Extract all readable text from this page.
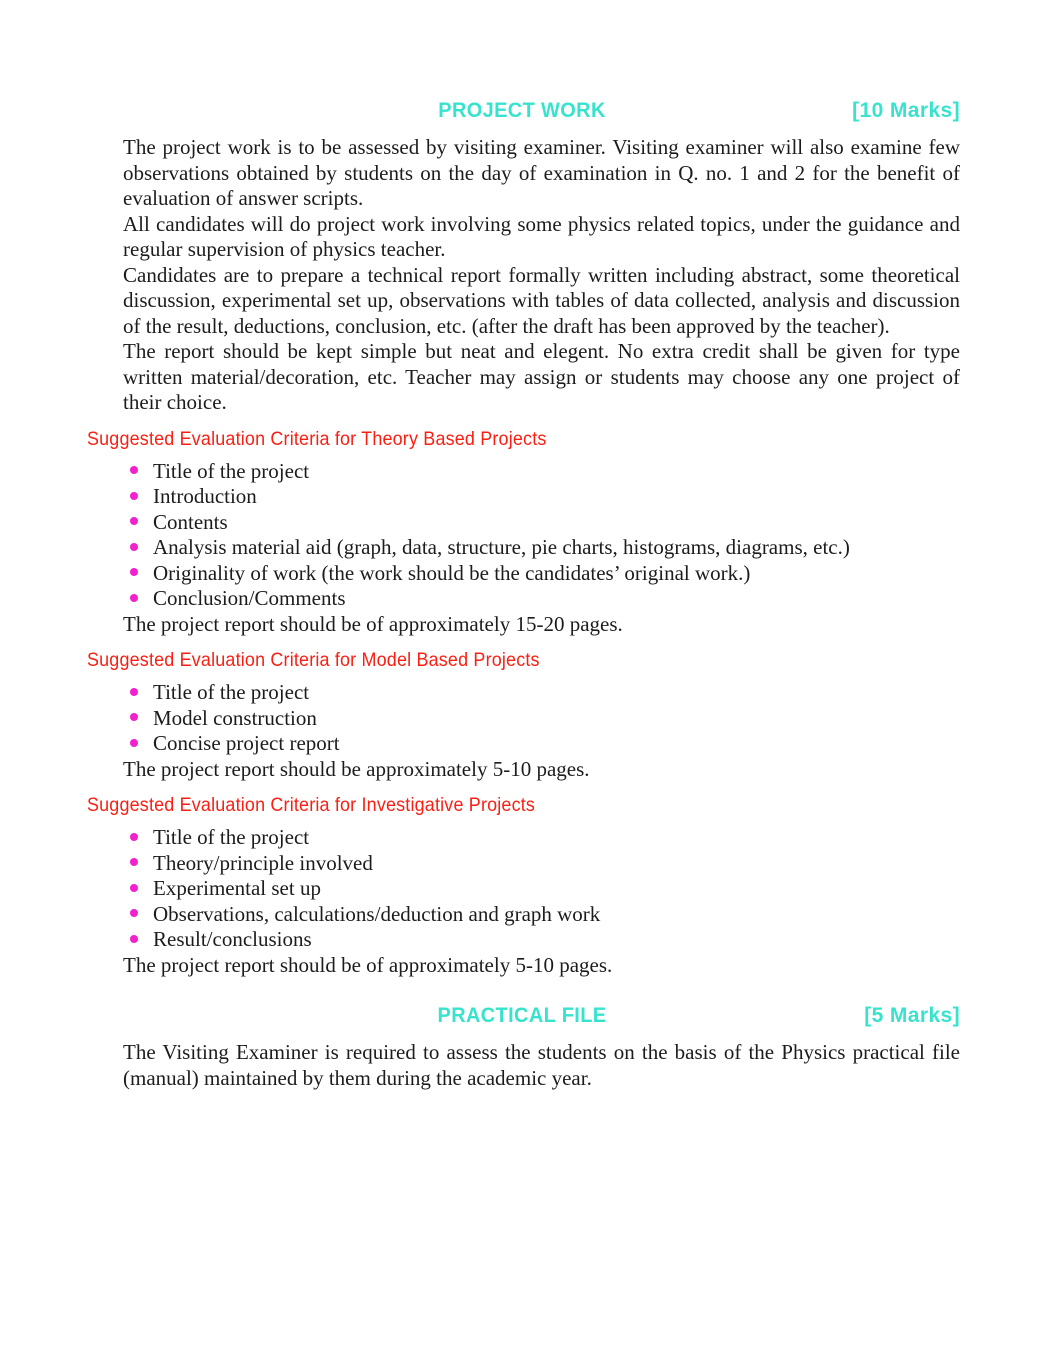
PROJECT WORK	[10 Marks]

The project work is to be assessed by visiting examiner. Visiting examiner will also examine few observations obtained by students on the day of examination in Q. no. 1 and 2 for the benefit of evaluation of answer scripts.

All candidates will do project work involving some physics related topics, under the guidance and regular supervision of physics teacher.

Candidates are to prepare a technical report formally written including abstract, some theoretical discussion, experimental set up, observations with tables of data collected, analysis and discussion of the result, deductions, conclusion, etc. (after the draft has been approved by the teacher).

The report should be kept simple but neat and elegent. No extra credit shall be given for type written material/decoration, etc. Teacher may assign or students may choose any one project of their choice.

Suggested Evaluation Criteria for Theory Based Projects
Title of the project
Introduction
Contents
Analysis material aid (graph, data, structure, pie charts, histograms, diagrams, etc.)
Originality of work (the work should be the candidates’ original work.)
Conclusion/Comments

The project report should be of approximately 15-20 pages.

Suggested Evaluation Criteria for Model Based Projects
Title of the project
Model construction
Concise project report

The project report should be approximately 5-10 pages.

Suggested Evaluation Criteria for Investigative Projects
Title of the project
Theory/principle involved
Experimental set up
Observations, calculations/deduction and graph work
Result/conclusions

The project report should be of approximately 5-10 pages.

PRACTICAL FILE	[5 Marks]

The Visiting Examiner is required to assess the students on the basis of the Physics practical file (manual) maintained by them during the academic year.
